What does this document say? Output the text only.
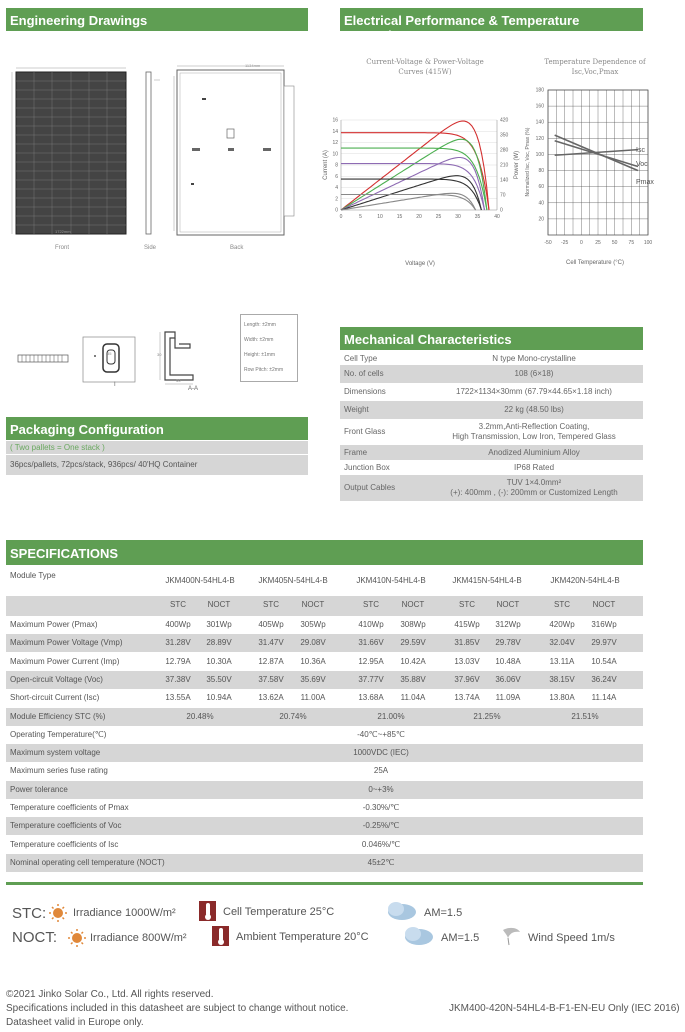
Engineering Drawings	Electrical Performance & Temperature Dependence
1134mm
1722mm
Front	Side	Back
Current-Voltage & Power-Voltage Curves (415W)
0
2
4
6
8
10
12
14
16
0	5	10	15	20	25	30	35	40
0
70
140
210
280
350
420
Voltage (V)
Current (A)	Power (W)
Temperature Dependence of Isc,Voc,Pmax
20
40
60
80
100
120
140
160
180
-50 -25 0 25 50 75 100
Cell Temperature (°C)
Normalized Isc, Voc, Pmax (%)	Isc
Voc
Pmax
I
A-A
35	30
33
Length: ±2mm
Width: ±2mm
Height: ±1mm
Row Pitch: ±2mm
Mechanical Characteristics
Cell Type	N type Mono-crystalline
No. of cells	108 (6×18)
Dimensions	1722×1134×30mm (67.79×44.65×1.18 inch)
Weight	22 kg (48.50 lbs)
Front Glass
3.2mm,Anti-Reflection Coating,
High Transmission, Low Iron, Tempered Glass
Frame	Anodized Aluminium Alloy
Junction Box	IP68 Rated
Output Cables
TUV 1×4.0mm²
(+): 400mm , (-): 200mm or Customized Length
Packaging Configuration
( Two pallets = One stack )
36pcs/pallets, 72pcs/stack, 936pcs/ 40'HQ Container
SPECIFICATIONS
Module Type
JKM400N-54HL4-B	JKM405N-54HL4-B	JKM410N-54HL4-B	JKM415N-54HL4-B	JKM420N-54HL4-B
STC	NOCT	STC	NOCT	STC	NOCT	STC	NOCT	STC	NOCT
Maximum Power (Pmax)	400Wp	301Wp	405Wp	305Wp	410Wp	308Wp	415Wp	312Wp	420Wp	316Wp
Maximum Power Voltage (Vmp)	31.28V	28.89V	31.47V	29.08V	31.66V	29.59V	31.85V	29.78V	32.04V	29.97V
Maximum Power Current (Imp)	12.79A	10.30A	12.87A	10.36A	12.95A	10.42A	13.03V	10.48A	13.11A	10.54A
Open-circuit Voltage (Voc)	37.38V	35.50V	37.58V	35.69V	37.77V	35.88V	37.96V	36.06V	38.15V	36.24V
Short-circuit Current (Isc)	13.55A	10.94A	13.62A	11.00A	13.68A	11.04A	13.74A	11.09A	13.80A	11.14A
Module Efficiency STC (%)	20.48%	20.74%	21.00%	21.25%	21.51%
Operating Temperature(℃)	-40℃~+85℃
Maximum system voltage	1000VDC (IEC)
Maximum series fuse rating	25A
Power tolerance	0~+3%
Temperature coefficients of Pmax	-0.30%/℃
Temperature coefficients of Voc	-0.25%/℃
Temperature coefficients of Isc	0.046%/℃
Nominal operating cell temperature (NOCT)	45±2℃
STC: Irradiance 1000W/m²	Cell Temperature 25°C	AM=1.5
NOCT:	Irradiance 800W/m²	Ambient Temperature 20°C	AM=1.5	Wind Speed 1m/s
©2021 Jinko Solar Co., Ltd. All rights reserved.
Specifications included in this datasheet are subject to change without notice.
Datasheet valid in Europe only.
JKM400-420N-54HL4-B-F1-EN-EU Only (IEC 2016)
